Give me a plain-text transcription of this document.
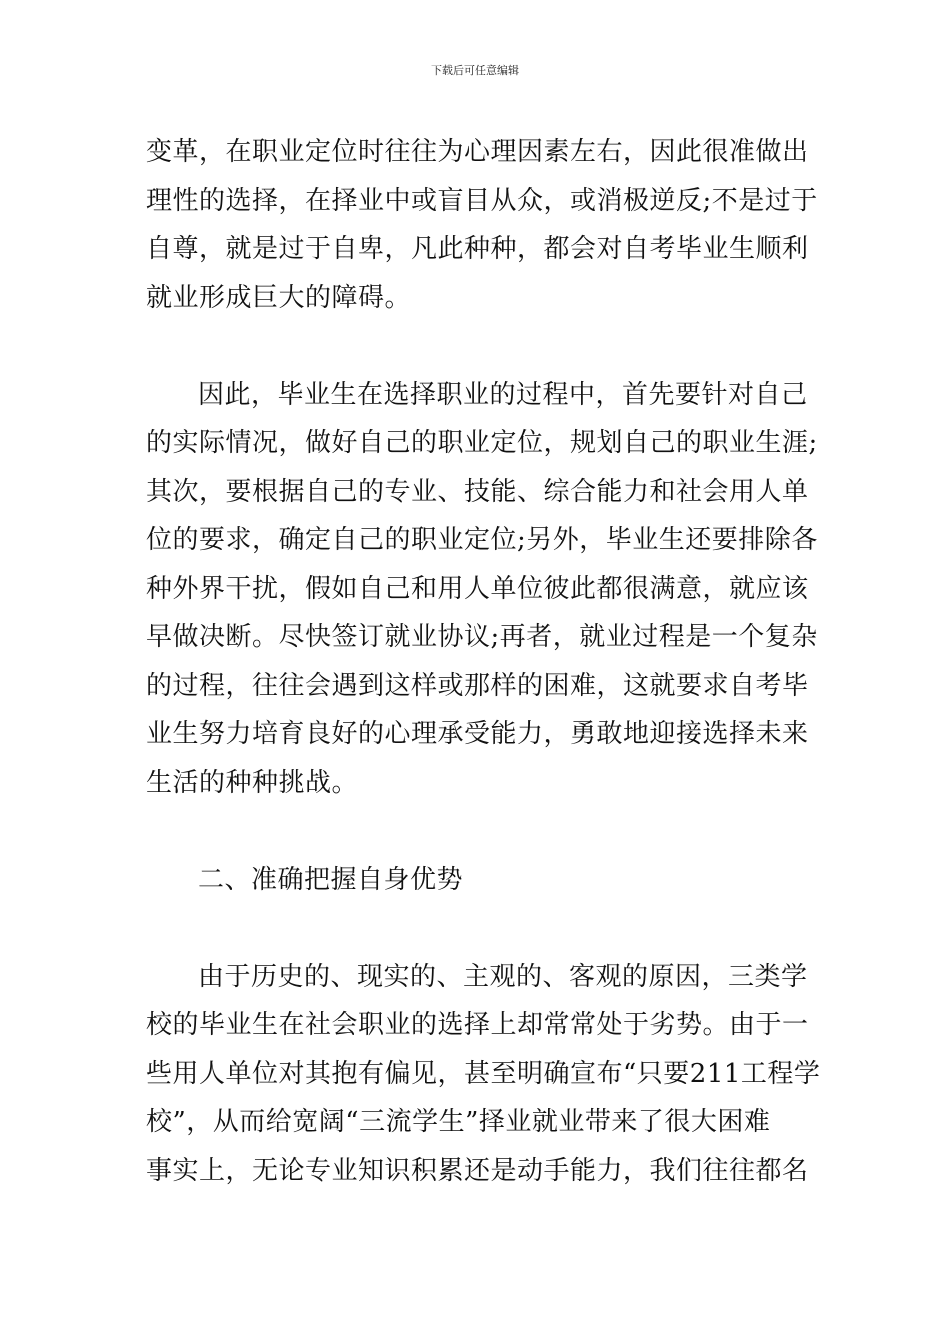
下载后可任意编辑
变革，在职业定位时往往为心理因素左右，因此很准做出
理性的选择，在择业中或盲目从众，或消极逆反;不是过于
自尊，就是过于自卑，凡此种种，都会对自考毕业生顺利
就业形成巨大的障碍。
因此，毕业生在选择职业的过程中，首先要针对自己
的实际情况，做好自己的职业定位，规划自己的职业生涯;
其次，要根据自己的专业、技能、综合能力和社会用人单
位的要求，确定自己的职业定位;另外，毕业生还要排除各
种外界干扰，假如自己和用人单位彼此都很满意，就应该
早做决断。尽快签订就业协议;再者，就业过程是一个复杂
的过程，往往会遇到这样或那样的困难，这就要求自考毕
业生努力培育良好的心理承受能力，勇敢地迎接选择未来
生活的种种挑战。
二、准确把握自身优势
由于历史的、现实的、主观的、客观的原因，三类学
校的毕业生在社会职业的选择上却常常处于劣势。由于一
些用人单位对其抱有偏见，甚至明确宣布“只要211工程学
校”，从而给宽阔“三流学生”择业就业带来了很大困难
事实上，无论专业知识积累还是动手能力，我们往往都名
